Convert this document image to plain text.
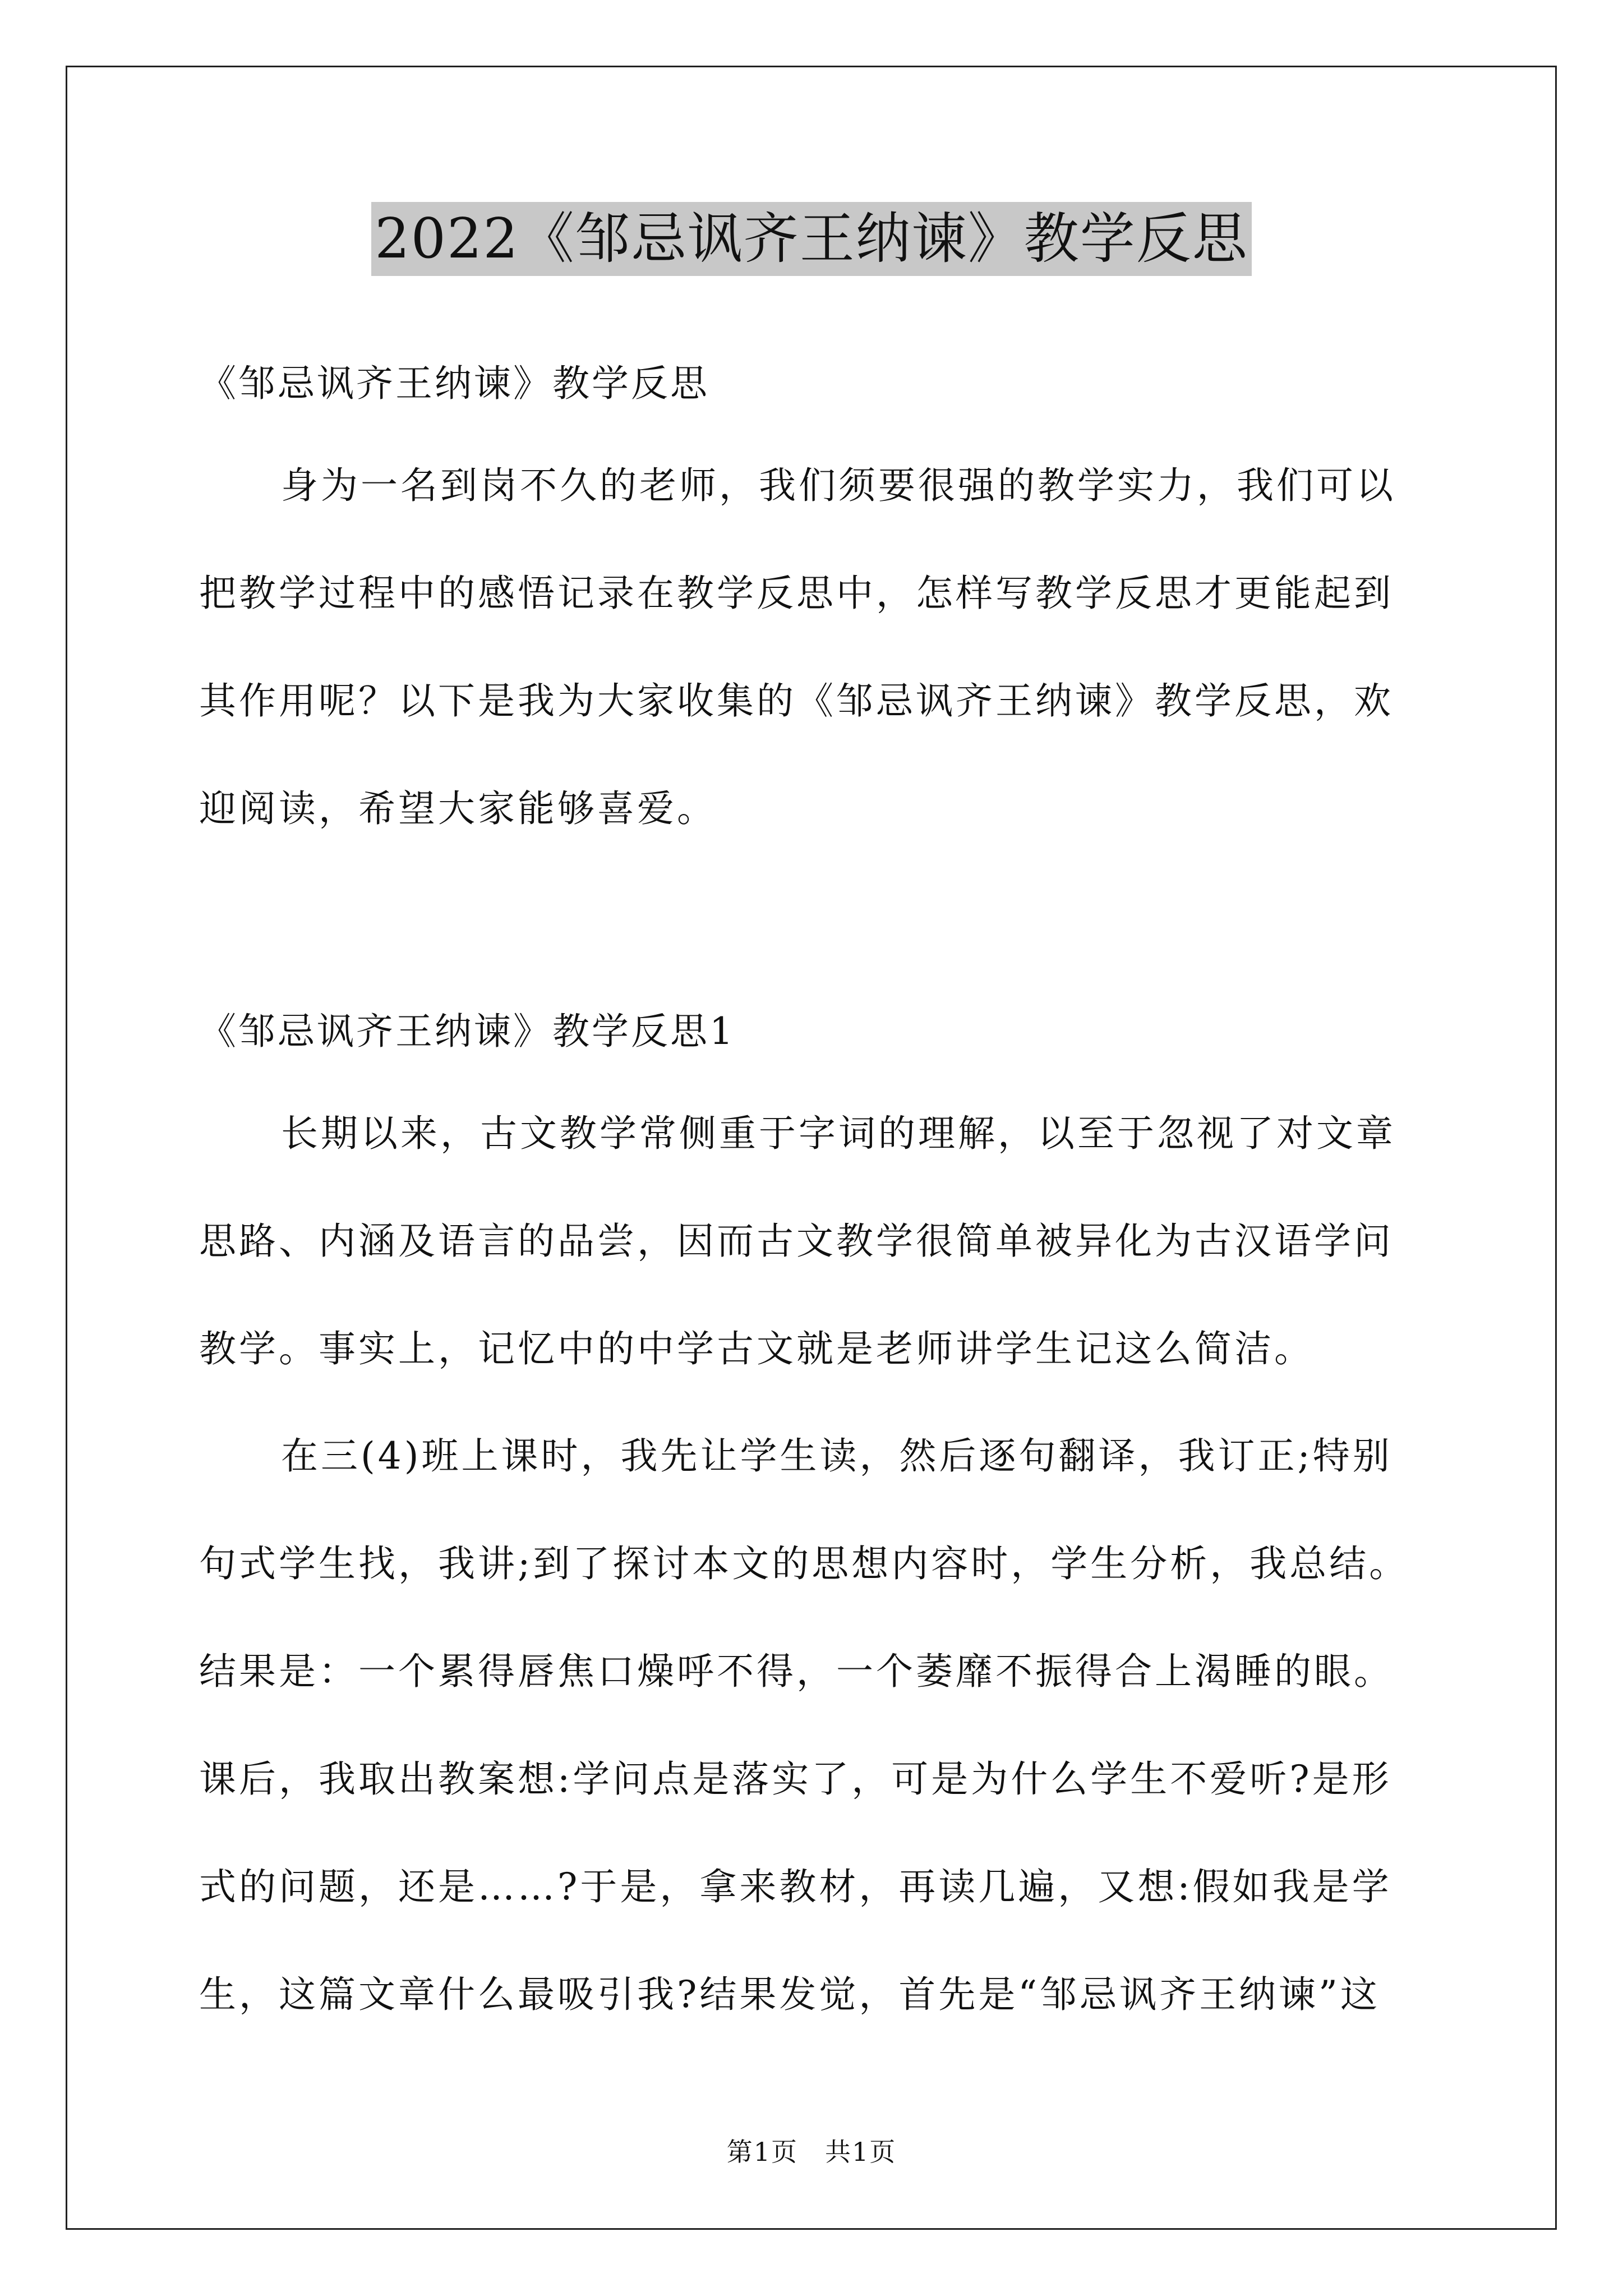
2022《邹忌讽齐王纳谏》教学反思
《邹忌讽齐王纳谏》教学反思
身为一名到岗不久的老师，我们须要很强的教学实力，我们可以
把教学过程中的感悟记录在教学反思中，怎样写教学反思才更能起到
其作用呢？以下是我为大家收集的《邹忌讽齐王纳谏》教学反思，欢
迎阅读，希望大家能够喜爱。
《邹忌讽齐王纳谏》教学反思1
长期以来，古文教学常侧重于字词的理解，以至于忽视了对文章
思路、内涵及语言的品尝，因而古文教学很简单被异化为古汉语学问
教学。事实上，记忆中的中学古文就是老师讲学生记这么简洁。
在三(4)班上课时，我先让学生读，然后逐句翻译，我订正;特别
句式学生找，我讲;到了探讨本文的思想内容时，学生分析，我总结。
结果是：一个累得唇焦口燥呼不得，一个萎靡不振得合上渴睡的眼。
课后，我取出教案想:学问点是落实了，可是为什么学生不爱听?是形
式的问题，还是……?于是，拿来教材，再读几遍，又想:假如我是学
生，这篇文章什么最吸引我?结果发觉，首先是“邹忌讽齐王纳谏”这
第1页　共1页
